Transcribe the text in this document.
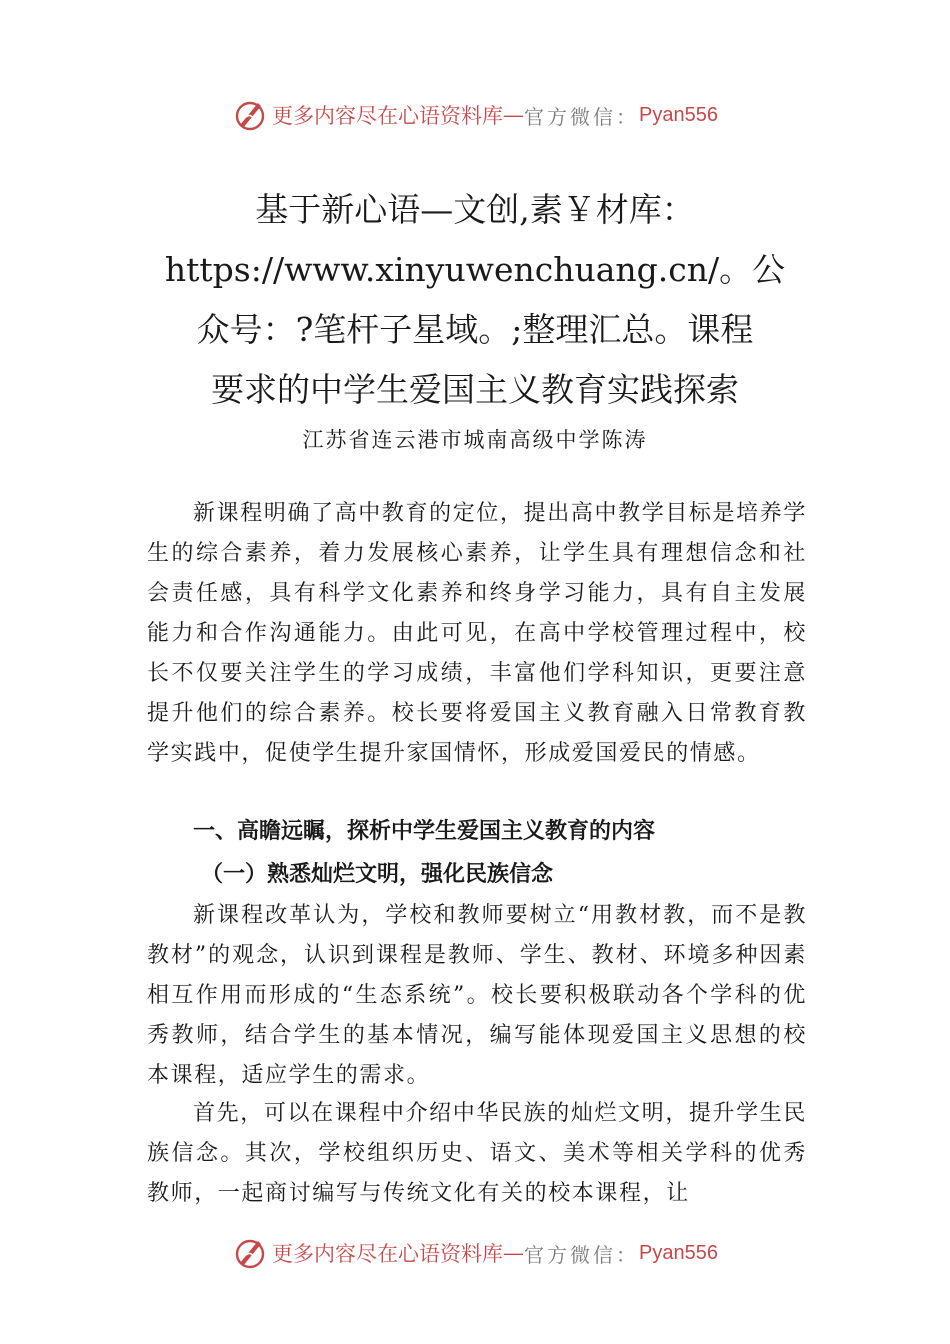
更多内容尽在心语资料库 — 官方微信： Pyan556
基于新心语—文创,素￥材库：
https://www.xinyuwenchuang.cn/。公
众号：?笔杆子星域。;整理汇总。课程
要求的中学生爱国主义教育实践探索
江苏省连云港市城南高级中学陈涛

新课程明确了高中教育的定位，提出高中教学目标是培养学生的综合素养，着力发展核心素养，让学生具有理想信念和社会责任感，具有科学文化素养和终身学习能力，具有自主发展能力和合作沟通能力。由此可见，在高中学校管理过程中，校长不仅要关注学生的学习成绩，丰富他们学科知识，更要注意提升他们的综合素养。校长要将爱国主义教育融入日常教育教学实践中，促使学生提升家国情怀，形成爱国爱民的情感。

一、高瞻远瞩，探析中学生爱国主义教育的内容
（一）熟悉灿烂文明，强化民族信念

新课程改革认为，学校和教师要树立“用教材教，而不是教教材”的观念，认识到课程是教师、学生、教材、环境多种因素相互作用而形成的“生态系统”。校长要积极联动各个学科的优秀教师，结合学生的基本情况，编写能体现爱国主义思想的校本课程，适应学生的需求。

首先，可以在课程中介绍中华民族的灿烂文明，提升学生民族信念。其次，学校组织历史、语文、美术等相关学科的优秀教师，一起商讨编写与传统文化有关的校本课程，让

更多内容尽在心语资料库 — 官方微信： Pyan556
